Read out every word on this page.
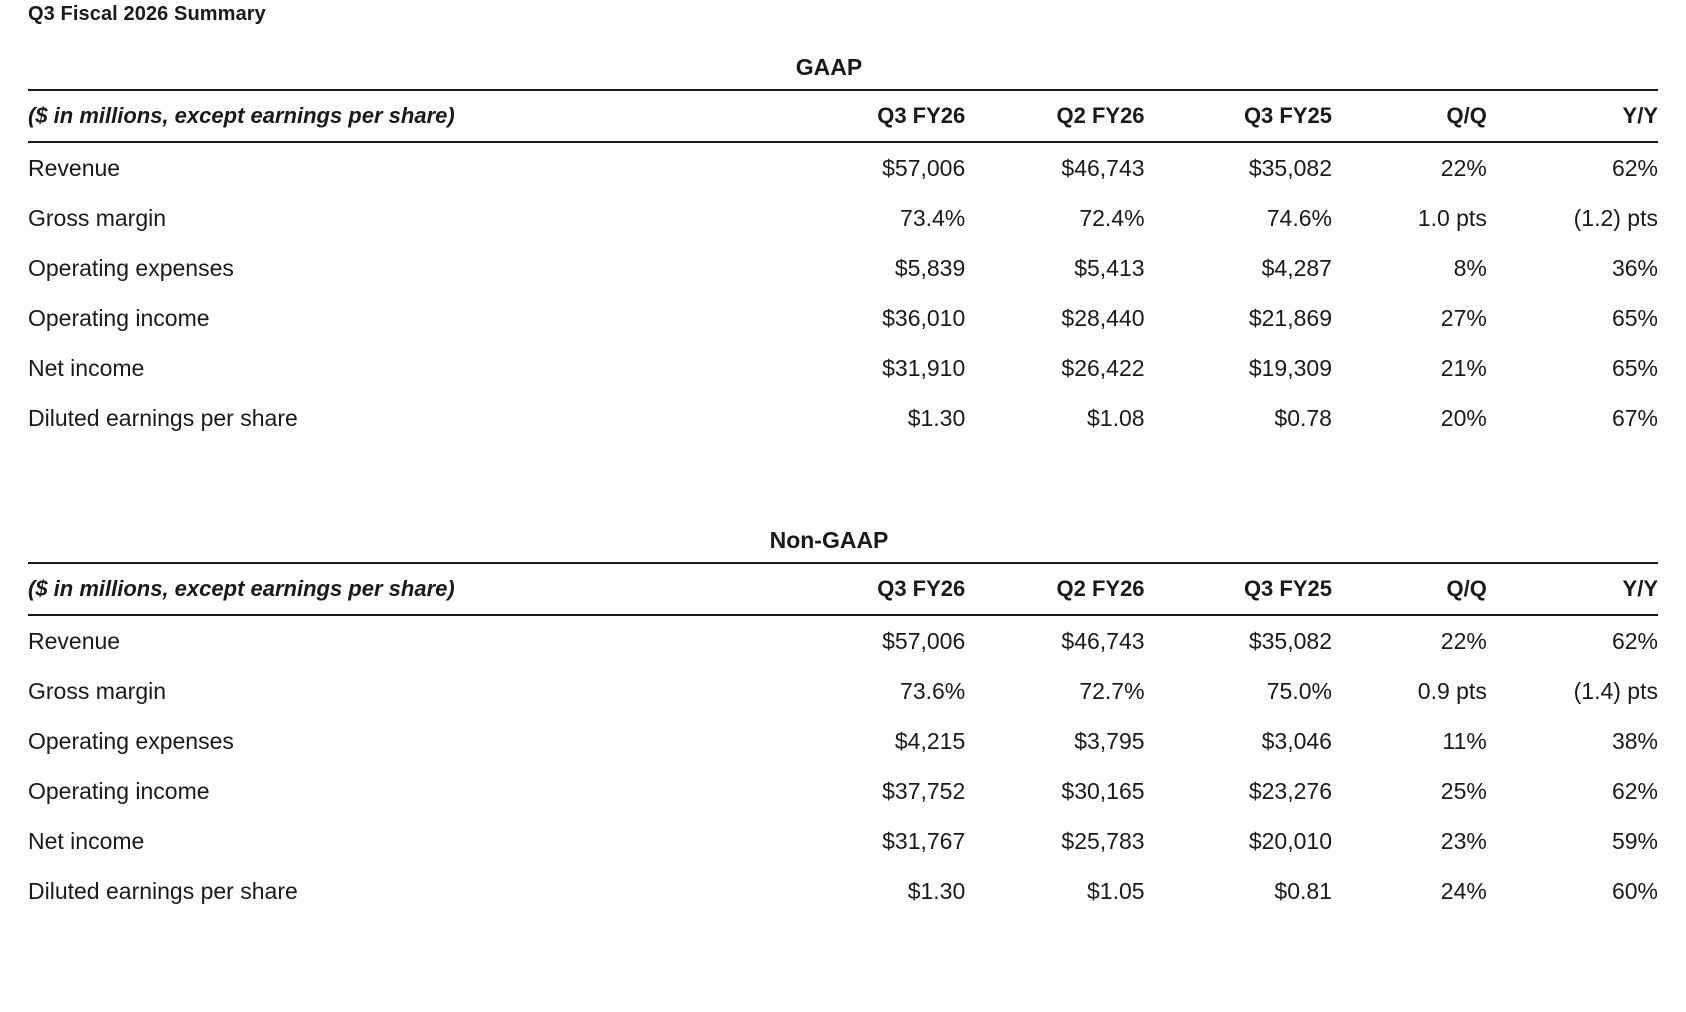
Q3 Fiscal 2026 Summary
GAAP
($ in millions, except earnings per share)	Q3 FY26	Q2 FY26	Q3 FY25	Q/Q	Y/Y
Revenue	$57,006	$46,743	$35,082	22%	62%
Gross margin	73.4%	72.4%	74.6%	1.0 pts	(1.2) pts
Operating expenses	$5,839	$5,413	$4,287	8%	36%
Operating income	$36,010	$28,440	$21,869	27%	65%
Net income	$31,910	$26,422	$19,309	21%	65%
Diluted earnings per share	$1.30	$1.08	$0.78	20%	67%
Non-GAAP
($ in millions, except earnings per share)	Q3 FY26	Q2 FY26	Q3 FY25	Q/Q	Y/Y
Revenue	$57,006	$46,743	$35,082	22%	62%
Gross margin	73.6%	72.7%	75.0%	0.9 pts	(1.4) pts
Operating expenses	$4,215	$3,795	$3,046	11%	38%
Operating income	$37,752	$30,165	$23,276	25%	62%
Net income	$31,767	$25,783	$20,010	23%	59%
Diluted earnings per share	$1.30	$1.05	$0.81	24%	60%
